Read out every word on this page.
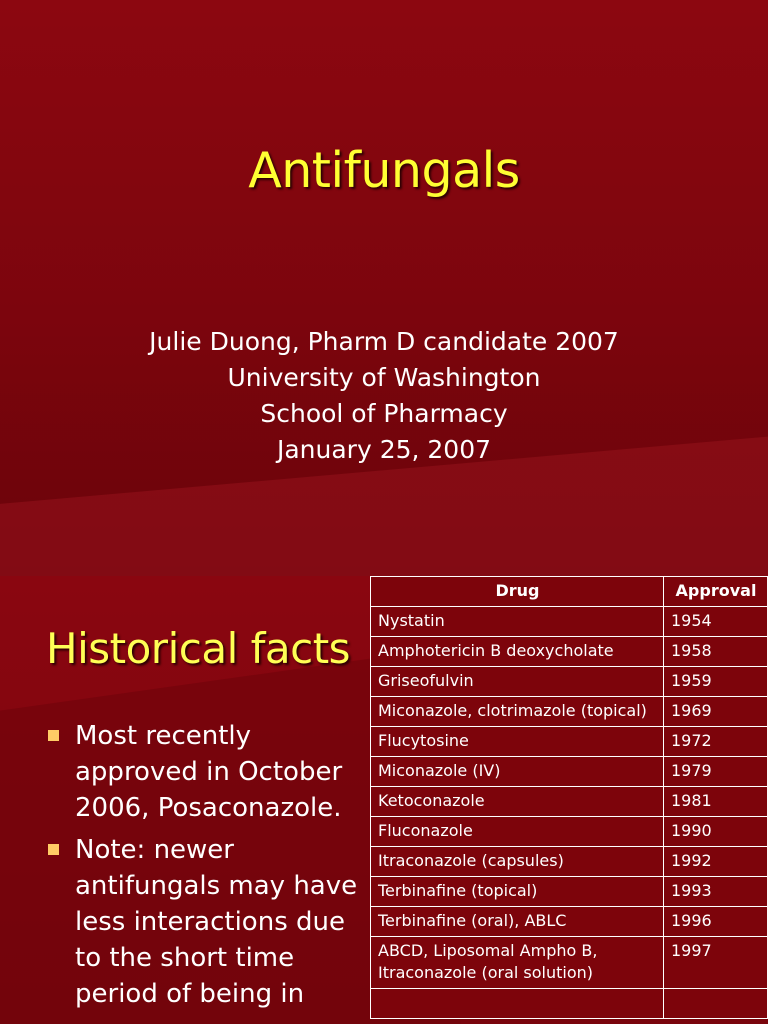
Antifungals
Julie Duong, Pharm D candidate 2007
University of Washington
School of Pharmacy
January 25, 2007
Historical facts
Most recently approved in October 2006, Posaconazole.
Note: newer antifungals may have less interactions due to the short time period of being in
Drug	Approval
Nystatin	1954
Amphotericin B deoxycholate	1958
Griseofulvin	1959
Miconazole, clotrimazole (topical)	1969
Flucytosine	1972
Miconazole (IV)	1979
Ketoconazole	1981
Fluconazole	1990
Itraconazole (capsules)	1992
Terbinafine (topical)	1993
Terbinafine (oral), ABLC	1996
ABCD, Liposomal Ampho B, Itraconazole (oral solution)	1997
